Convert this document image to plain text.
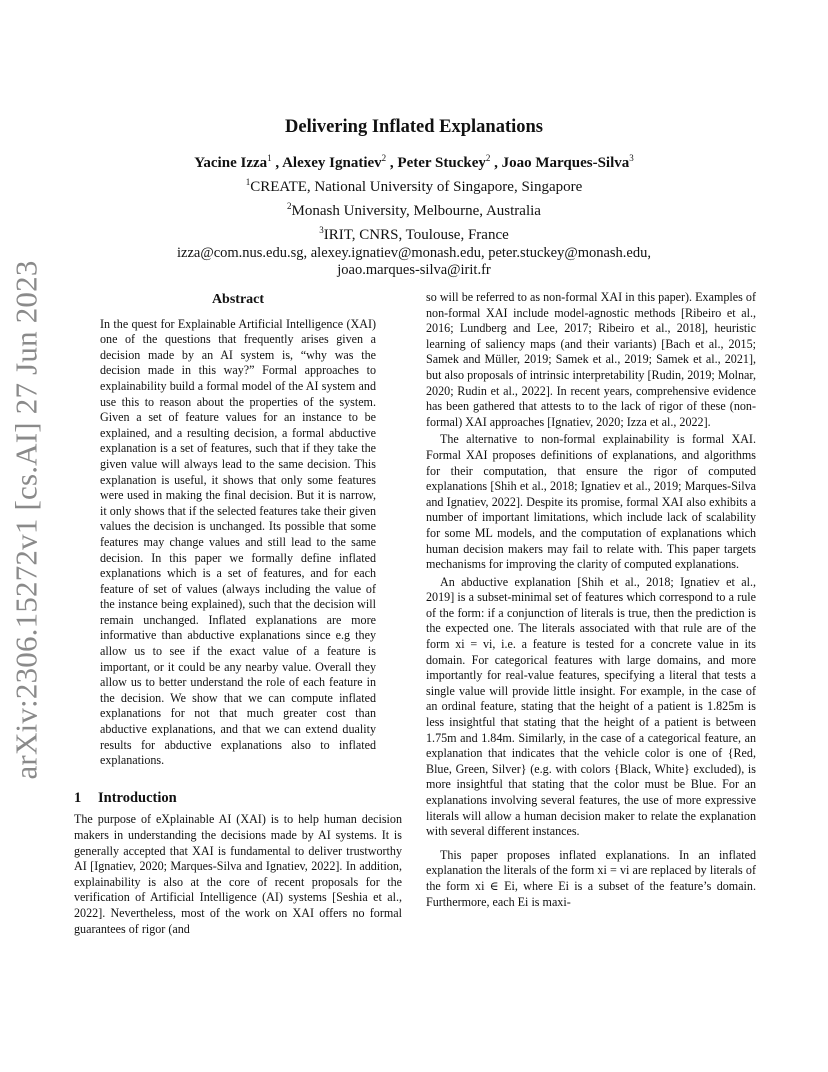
arXiv:2306.15272v1 [cs.AI] 27 Jun 2023
Delivering Inflated Explanations
Yacine Izza$^1$ , Alexey Ignatiev$^2$ , Peter Stuckey$^2$ , Joao Marques-Silva$^3$
$^1$CREATE, National University of Singapore, Singapore
$^2$Monash University, Melbourne, Australia
$^3$IRIT, CNRS, Toulouse, France
izza@com.nus.edu.sg, alexey.ignatiev@monash.edu, peter.stuckey@monash.edu,
joao.marques-silva@irit.fr
Abstract

In the quest for Explainable Artificial Intelligence (XAI) one of the questions that frequently arises given a decision made by an AI system is, “why was the decision made in this way?” Formal approaches to explainability build a formal model of the AI system and use this to reason about the properties of the system. Given a set of feature values for an instance to be explained, and a resulting decision, a formal abductive explanation is a set of features, such that if they take the given value will always lead to the same decision. This explanation is useful, it shows that only some features were used in making the final decision. But it is narrow, it only shows that if the selected features take their given values the decision is unchanged. Its possible that some features may change values and still lead to the same decision. In this paper we formally define inflated explanations which is a set of features, and for each feature of set of values (always including the value of the instance being explained), such that the decision will remain unchanged. Inflated explanations are more informative than abductive explanations since e.g they allow us to see if the exact value of a feature is important, or it could be any nearby value. Overall they allow us to better understand the role of each feature in the decision. We show that we can compute inflated explanations for not that much greater cost than abductive explanations, and that we can extend duality results for abductive explanations also to inflated explanations.

1 Introduction

The purpose of eXplainable AI (XAI) is to help human decision makers in understanding the decisions made by AI systems. It is generally accepted that XAI is fundamental to deliver trustworthy AI [Ignatiev, 2020; Marques-Silva and Ignatiev, 2022]. In addition, explainability is also at the core of recent proposals for the verification of Artificial Intelligence (AI) systems [Seshia et al., 2022]. Nevertheless, most of the work on XAI offers no formal guarantees of rigor (and

so will be referred to as non-formal XAI in this paper). Examples of non-formal XAI include model-agnostic methods [Ribeiro et al., 2016; Lundberg and Lee, 2017; Ribeiro et al., 2018], heuristic learning of saliency maps (and their variants) [Bach et al., 2015; Samek and Müller, 2019; Samek et al., 2019; Samek et al., 2021], but also proposals of intrinsic interpretability [Rudin, 2019; Molnar, 2020; Rudin et al., 2022]. In recent years, comprehensive evidence has been gathered that attests to to the lack of rigor of these (non-formal) XAI approaches [Ignatiev, 2020; Izza et al., 2022].

The alternative to non-formal explainability is formal XAI. Formal XAI proposes definitions of explanations, and algorithms for their computation, that ensure the rigor of computed explanations [Shih et al., 2018; Ignatiev et al., 2019; Marques-Silva and Ignatiev, 2022]. Despite its promise, formal XAI also exhibits a number of important limitations, which include lack of scalability for some ML models, and the computation of explanations which human decision makers may fail to relate with. This paper targets mechanisms for improving the clarity of computed explanations.

An abductive explanation [Shih et al., 2018; Ignatiev et al., 2019] is a subset-minimal set of features which correspond to a rule of the form: if a conjunction of literals is true, then the prediction is the expected one. The literals associated with that rule are of the form xi = vi, i.e. a feature is tested for a concrete value in its domain. For categorical features with large domains, and more importantly for real-value features, specifying a literal that tests a single value will provide little insight. For example, in the case of an ordinal feature, stating that the height of a patient is 1.825m is less insightful that stating that the height of a patient is between 1.75m and 1.84m. Similarly, in the case of a categorical feature, an explanation that indicates that the vehicle color is one of {Red, Blue, Green, Silver} (e.g. with colors {Black, White} excluded), is more insightful that stating that the color must be Blue. For an explanations involving several features, the use of more expressive literals will allow a human decision maker to relate the explanation with several different instances.

This paper proposes inflated explanations. In an inflated explanation the literals of the form xi = vi are replaced by literals of the form xi ∈ Ei, where Ei is a subset of the feature’s domain. Furthermore, each Ei is maxi-
